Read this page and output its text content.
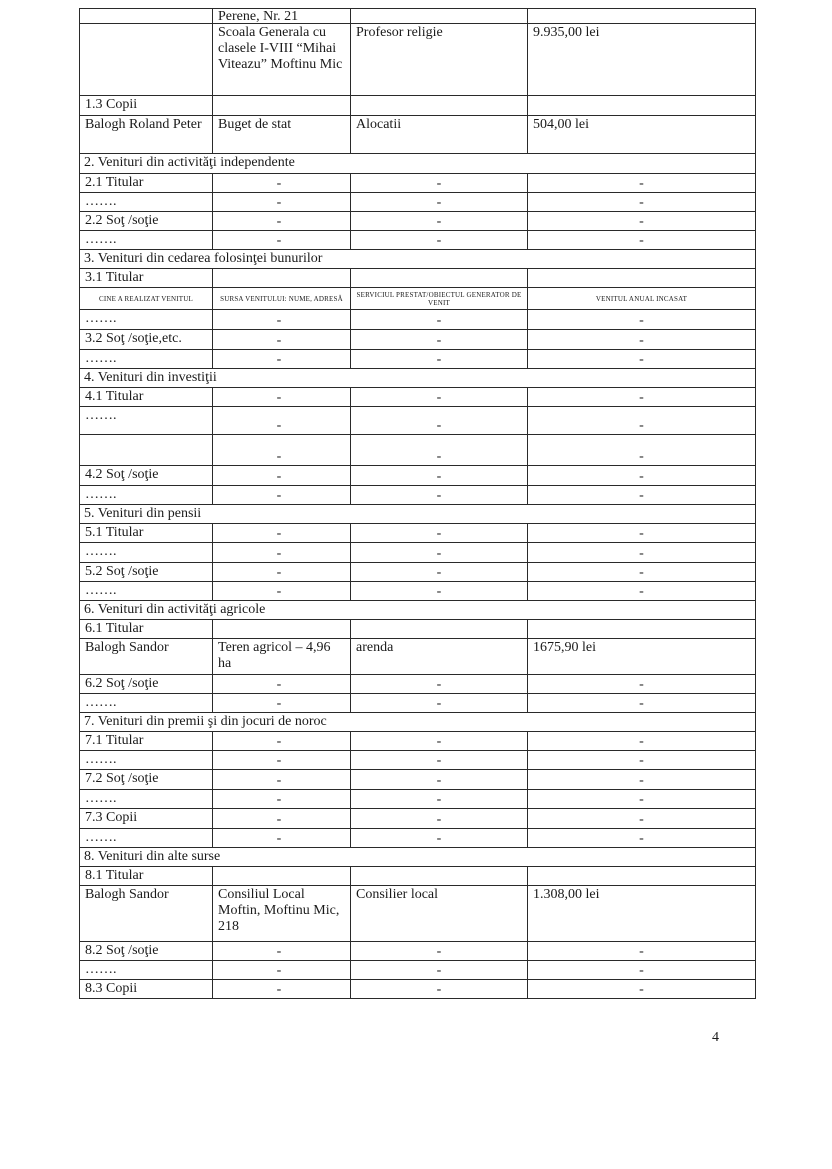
	Perene, Nr. 21		
	Scoala Generala cu clasele I-VIII “Mihai Viteazu” Moftinu Mic	Profesor religie	9.935,00 lei
1.3 Copii			
Balogh Roland Peter	Buget de stat	Alocatii	504,00 lei
2. Venituri din activităţi independente			
2.1 Titular	-	-	-
…….	-	-	-
2.2 Soţ /soţie	-	-	-
…….	-	-	-
3. Venituri din cedarea folosinţei bunurilor			
3.1 Titular			
CINE A REALIZAT VENITUL	SURSA VENITULUI: NUME, ADRESĂ	SERVICIUL PRESTAT/OBIECTUL GENERATOR DE VENIT	VENITUL ANUAL INCASAT
…….	-	-	-
3.2 Soţ /soţie,etc.	-	-	-
…….	-	-	-
4. Venituri din investiţii			
4.1 Titular	-	-	-
…….	-	-	-
	-	-	-
4.2 Soţ /soţie	-	-	-
…….	-	-	-
5. Venituri din pensii			
5.1 Titular	-	-	-
…….	-	-	-
5.2 Soţ /soţie	-	-	-
…….	-	-	-
6. Venituri din activităţi agricole			
6.1 Titular			
Balogh Sandor	Teren agricol – 4,96 ha	arenda	1675,90 lei
6.2 Soţ /soţie	-	-	-
…….	-	-	-
7. Venituri din premii şi din jocuri de noroc			
7.1 Titular	-	-	-
…….	-	-	-
7.2 Soţ /soţie	-	-	-
…….	-	-	-
7.3 Copii	-	-	-
…….	-	-	-
8. Venituri din alte surse			
8.1 Titular			
Balogh Sandor	Consiliul Local Moftin, Moftinu Mic, 218	Consilier local	1.308,00 lei
8.2 Soţ /soţie	-	-	-
…….	-	-	-
8.3 Copii	-	-	-
4
